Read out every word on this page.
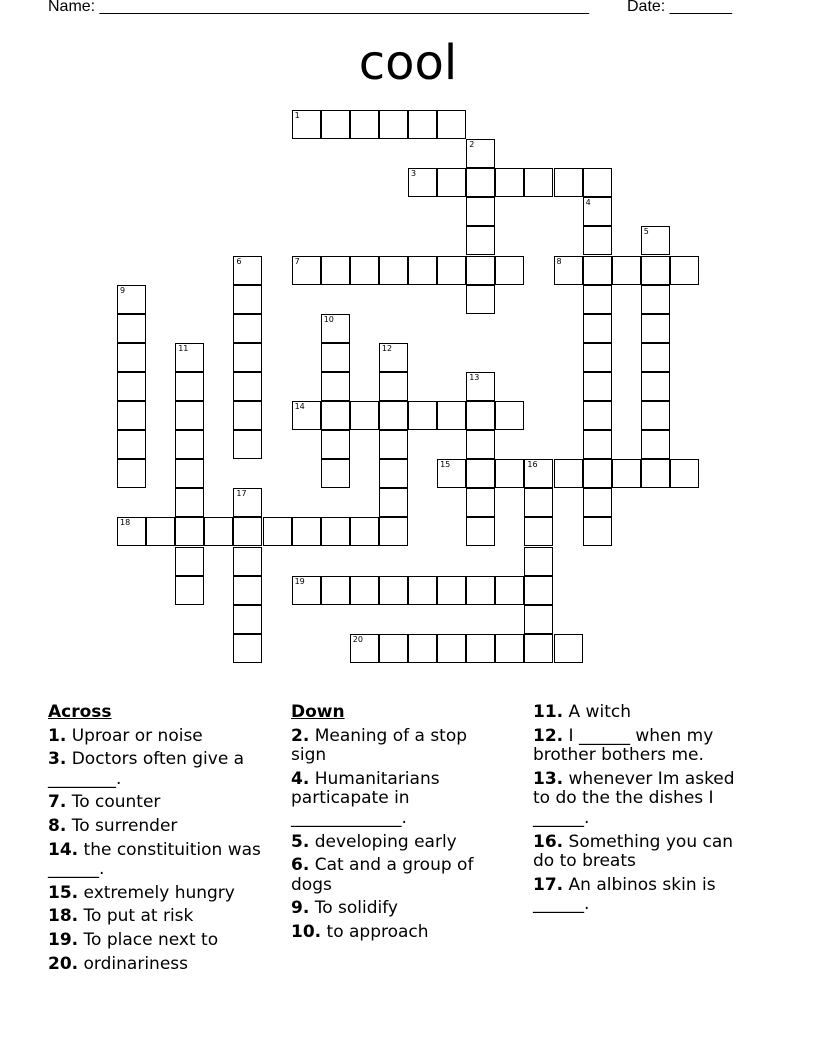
Name: _______________________________________________________ Date: _______
cool
1
2
3
4
5
6	7	8
9
10
11	12
13
14
15	16
17
18
19
20
Across
1. Uproar or noise
3. Doctors often give a ________.
7. To counter
8. To surrender
14. the constituition was ______.
15. extremely hungry
18. To put at risk
19. To place next to
20. ordinariness
Down
2. Meaning of a stop sign
4. Humanitarians particapate in _____________.
5. developing early
6. Cat and a group of dogs
9. To solidify
10. to approach
11. A witch
12. I ______ when my brother bothers me.
13. whenever Im asked to do the the dishes I ______.
16. Something you can do to breats
17. An albinos skin is ______.
